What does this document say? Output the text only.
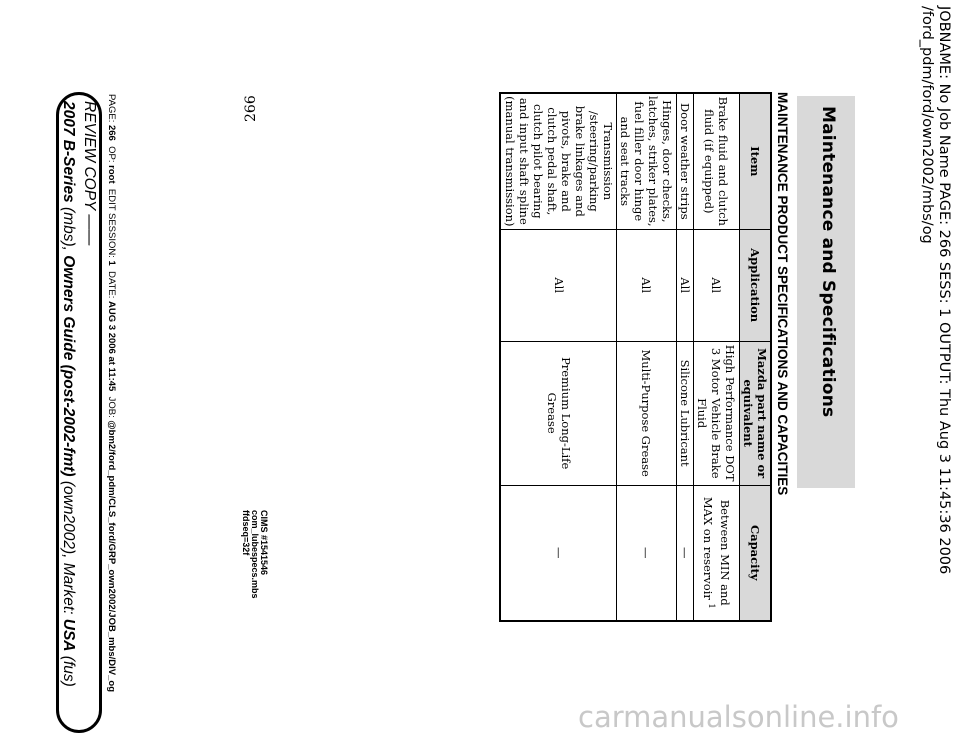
JOBNAME: No Job Name PAGE: 266 SESS: 1 OUTPUT: Thu Aug 3 11:45:36 2006
/ford_pdm/ford/own2002/mbs/og
Maintenance and Specifications
MAINTENANCE PRODUCT SPECIFICATIONS AND CAPACITIES
Item	Application	Mazda part name or equivalent	Capacity
Brake fluid and clutch fluid (if equipped)	All	High Performance DOT 3 Motor Vehicle Brake Fluid	Between MIN and MAX on reservoir $^1$
Door weather strips	All	Silicone Lubricant	—
Hinges, door checks, latches, striker plates, fuel filler door hinge and seat tracks	All	Multi-Purpose Grease	—
Transmission /steering/parking brake linkages and pivots, brake and clutch pedal shaft, clutch pilot bearing and input shaft spline (manual transmission)	All	Premium Long-Life Grease	—
266
CIMS #1541546
com_lubespecs.mbs
ffdseq=32f
PAGE: 266  OP: root  EDIT SESSION: 1  DATE: AUG 3 2006 at 11:45  JOB: @bm2/ford_pdm/CLS_ford/GRP_own2002/JOB_mbs/DIV_og
REVIEW COPY ——
2007 B-Series (mbs), Owners Guide (post-2002-fmt) (own2002), Market: USA (fus)
carmanualsonline.info
